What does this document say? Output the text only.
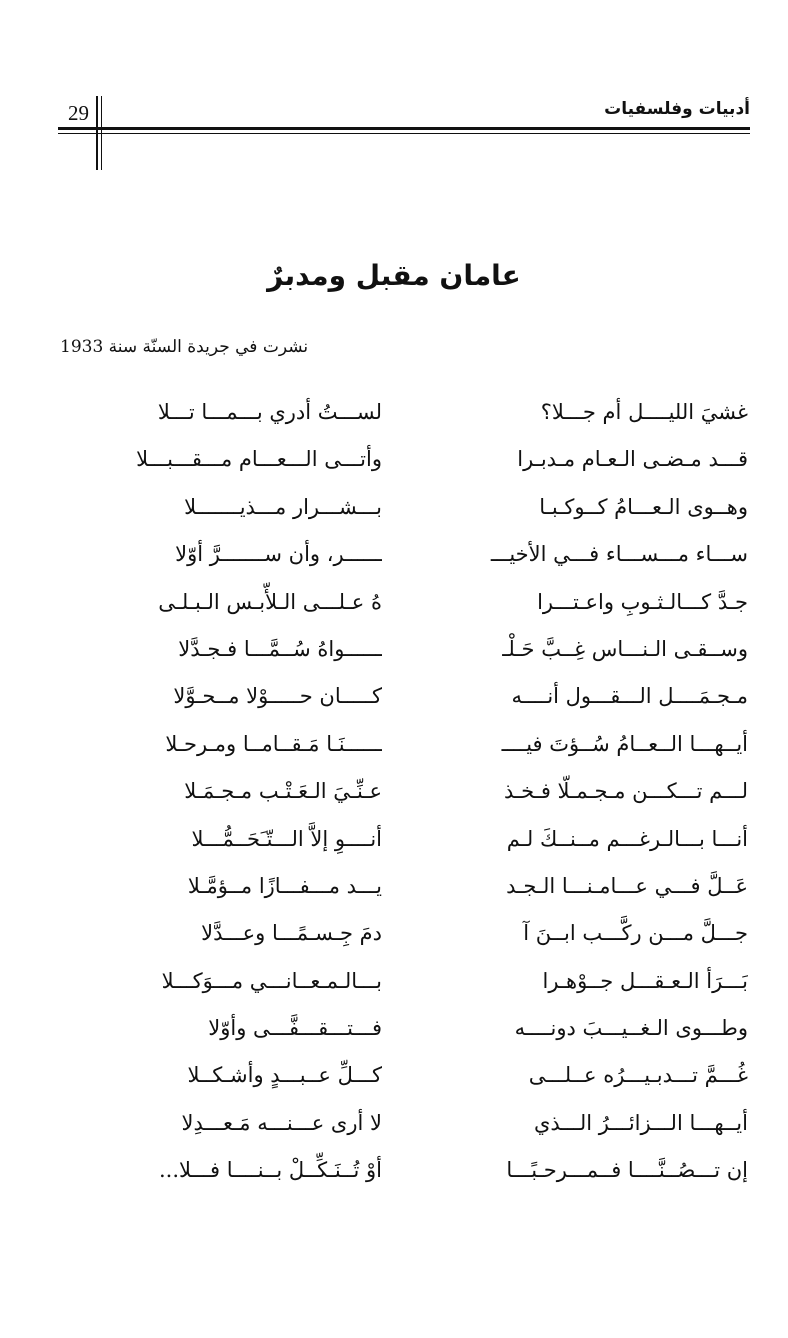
29	أدبيات وفلسفيات
عامان مقبل ومدبرٌ
نشرت في جريدة السنّة سنة 1933
غشيَ الليــــل أم جـــلا؟
لســـتُ أدري بـــمـــا تـــلا
قـــد مـضـى الـعـام مـدبـرا
وأتـــى الـــعـــام مـــقـــبـــلا
وهــوى الـعـــامُ كــوكـبـا
بـــشـــرار مـــذيـــــــلا
ســـاء مـــســـاء فـــي الأخيـــ
ــــــر، وأن ســـــــرَّ أوّلا
جـدَّ كـــالـثـوبِ واعـتـــرا
هُ عـلـــى الـلأّبـس الـبـلـى
وســقـى الـنـــاس غِــبَّ حَـلْـ
ــــــواهُ سُــمَّـــا فـجـدَّلا
مـجـمَــــل الـــقـــول أنــــه
كـــــان حـــــوْلا مــحـوَّلا
أيــهـــا الــعــامُ سُــؤتَ فيــــ
ــــــنَـا مَـقــامــا ومـرحـلا
لـــم تـــكـــن مـجـمـلّا فـخـذ
عـنِّـيَ الـعَـتْـب مـجـمَـلا
أنـــا بـــالـرغـــم مــنــكَ لـم
أنــــوِ إلاَّ الـــتّـَحَــمُّـــلا
عَــلَّ فـــي عـــامـنـــا الـجـد
يـــد مـــفـــازًا مــؤمَّـلا
جـــلَّ مـــن ركَّـــب ابــنَ آ
دمَ جِـسـمًـــا وعـــدَّلا
بَـــرَأ الـعـقـــل جــوْهـرا
بـــالـمـعــانـــي مـــوَكـــلا
وطـــوى الـغــيـــبَ دونــــه
فـــتـــقـــفَّـــى وأوّلا
غُـــمَّ تـــدبـيـــرُه عــلـــى
كـــلِّ عــبـــدٍ وأشـكــلا
أيــهـــا الـــزائـــرُ الـــذي
لا أرى عـــنـــه مَـعـــدِلا
إن تـــصُــنَّــــا فــمـــرحـبًـــا
أوْ تُــنَـكِّــلْ بــنــــا فـــلا...
